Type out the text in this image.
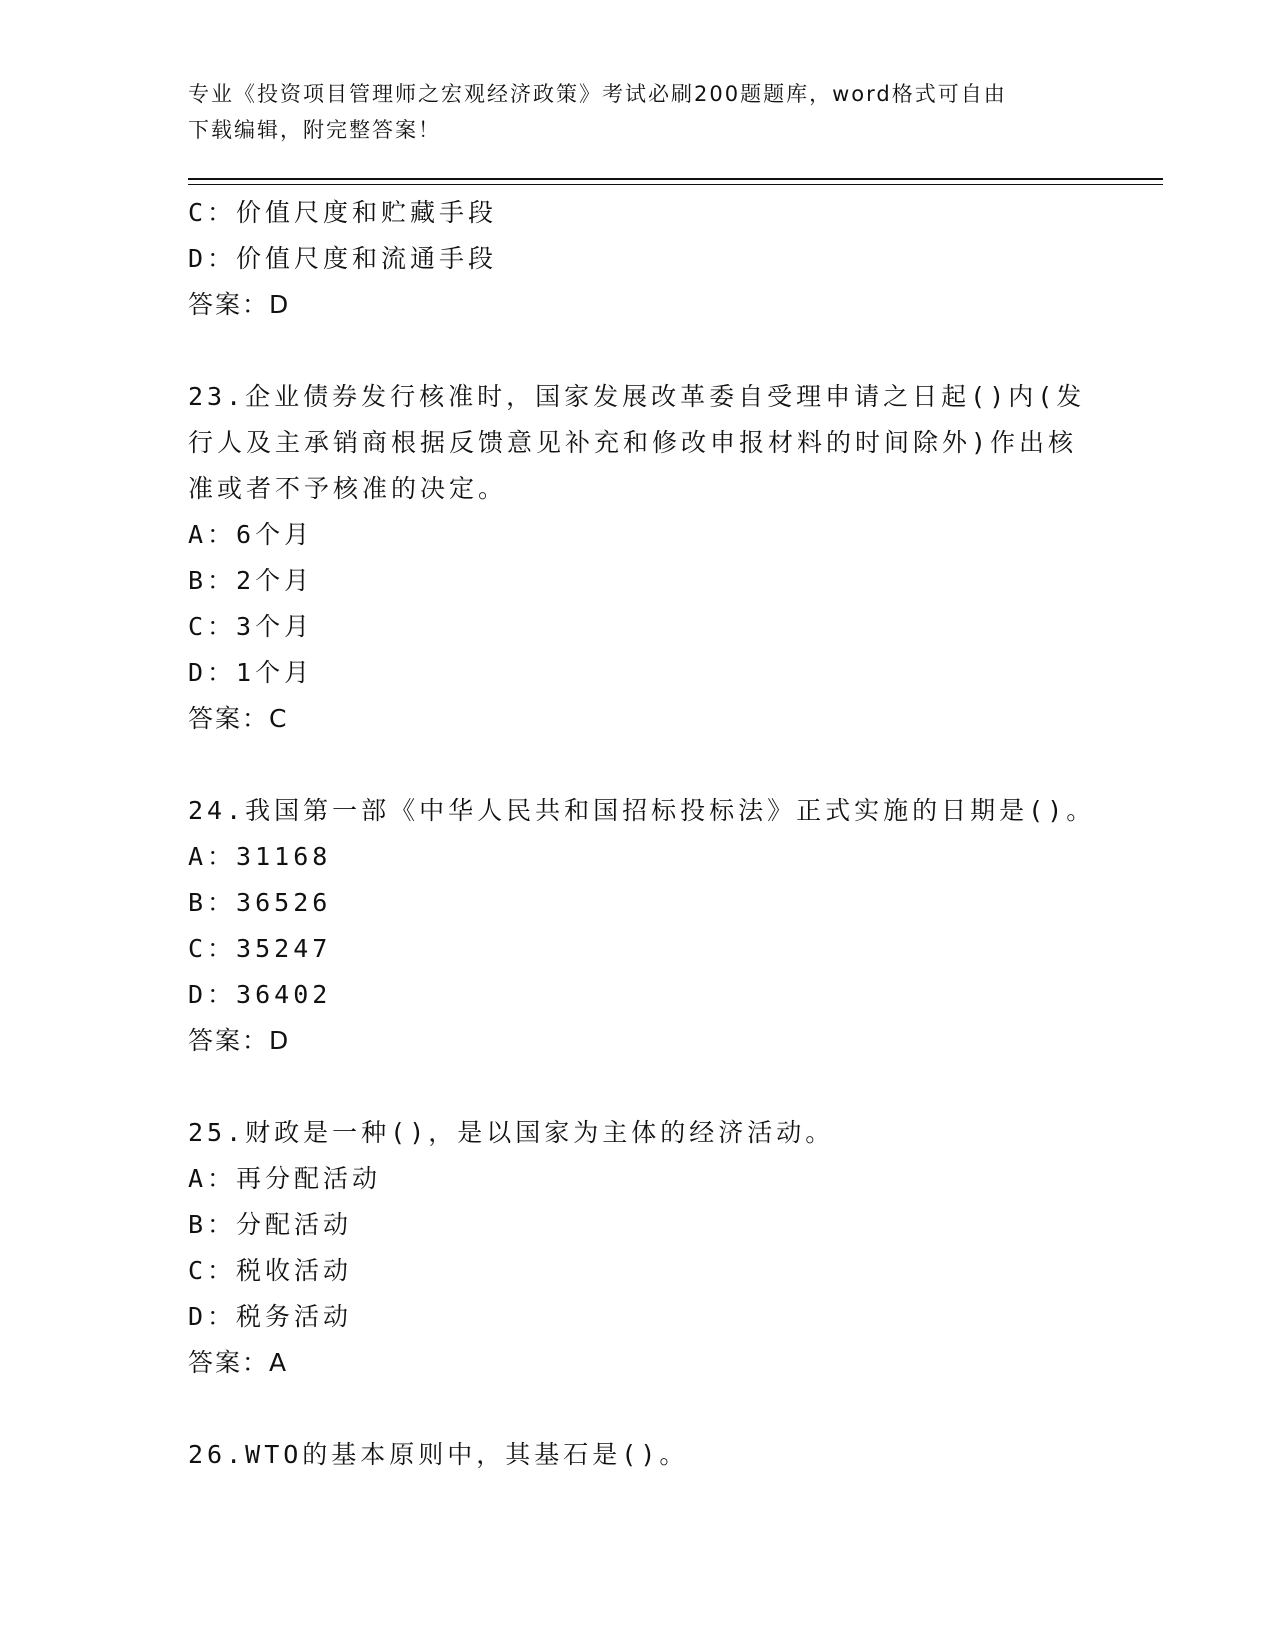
专业《投资项目管理师之宏观经济政策》考试必刷200题题库，word格式可自由
下载编辑，附完整答案！
C：价值尺度和贮藏手段
D：价值尺度和流通手段
答案：D
23.企业债券发行核准时，国家发展改革委自受理申请之日起()内(发
行人及主承销商根据反馈意见补充和修改申报材料的时间除外)作出核
准或者不予核准的决定。
A：6个月
B：2个月
C：3个月
D：1个月
答案：C
24.我国第一部《中华人民共和国招标投标法》正式实施的日期是()。
A：31168
B：36526
C：35247
D：36402
答案：D
25.财政是一种()，是以国家为主体的经济活动。
A：再分配活动
B：分配活动
C：税收活动
D：税务活动
答案：A
26.WTO的基本原则中，其基石是()。
